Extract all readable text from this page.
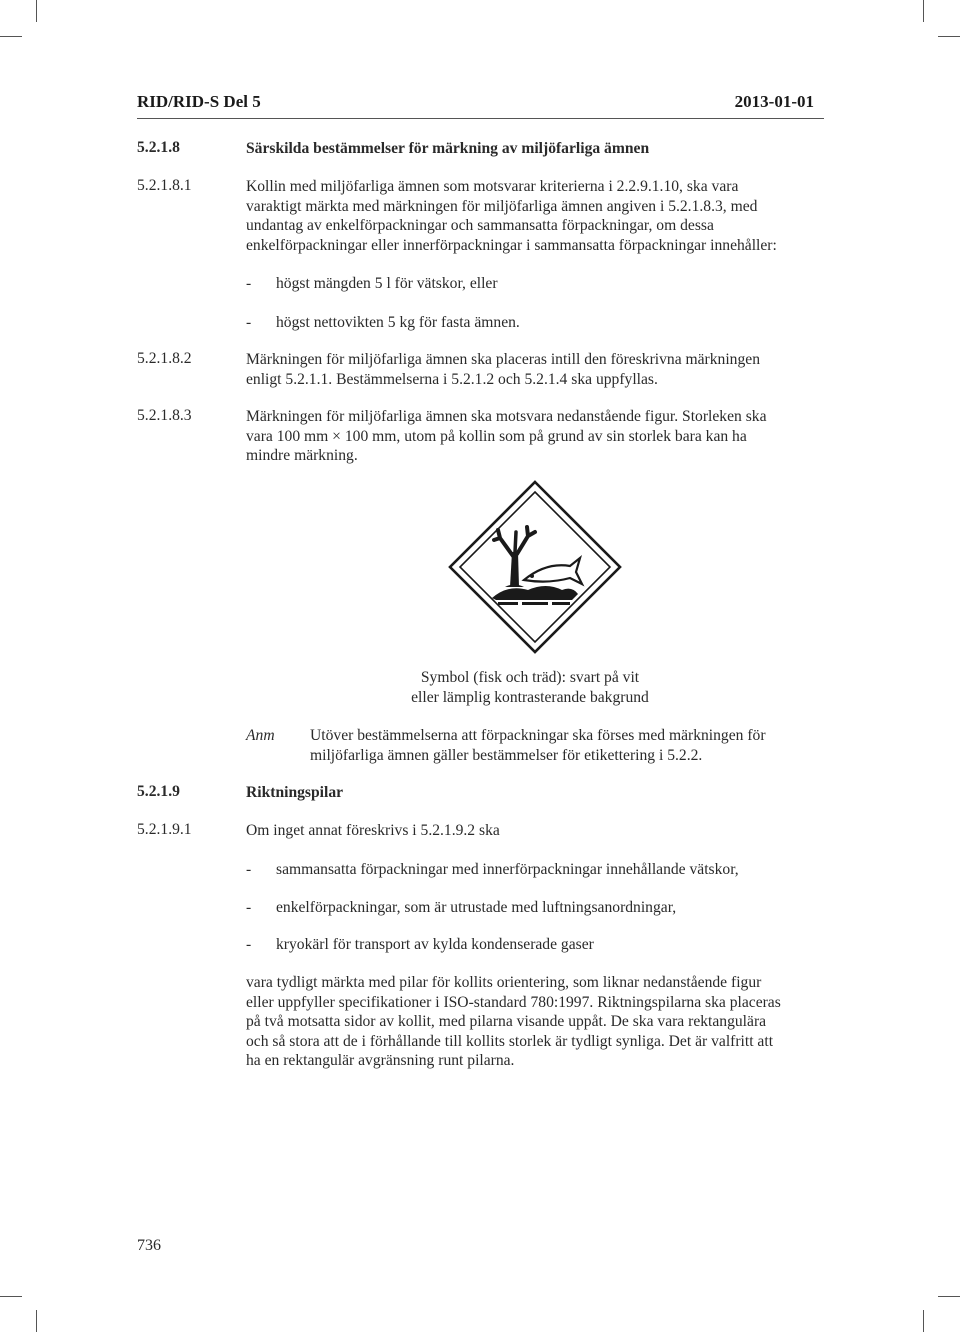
RID/RID-S Del 5	2013-01-01
5.2.1.8	Särskilda bestämmelser för märkning av miljöfarliga ämnen
5.2.1.8.1	Kollin med miljöfarliga ämnen som motsvarar kriterierna i 2.2.9.1.10, ska vara
varaktigt märkta med märkningen för miljöfarliga ämnen angiven i 5.2.1.8.3, med
undantag av enkelförpackningar och sammansatta förpackningar, om dessa
enkelförpackningar eller innerförpackningar i sammansatta förpackningar innehåller:
- högst mängden 5 l för vätskor, eller
- högst nettovikten 5 kg för fasta ämnen.
5.2.1.8.2	Märkningen för miljöfarliga ämnen ska placeras intill den föreskrivna märkningen
enligt 5.2.1.1. Bestämmelserna i 5.2.1.2 och 5.2.1.4 ska uppfyllas.
5.2.1.8.3	Märkningen för miljöfarliga ämnen ska motsvara nedanstående figur. Storleken ska
vara 100 mm × 100 mm, utom på kollin som på grund av sin storlek bara kan ha
mindre märkning.
Symbol (fisk och träd): svart på vit
eller lämplig kontrasterande bakgrund
Anm Utöver bestämmelserna att förpackningar ska förses med märkningen för
miljöfarliga ämnen gäller bestämmelser för etikettering i 5.2.2.
5.2.1.9	Riktningspilar
5.2.1.9.1	Om inget annat föreskrivs i 5.2.1.9.2 ska
- sammansatta förpackningar med innerförpackningar innehållande vätskor,
- enkelförpackningar, som är utrustade med luftningsanordningar,
- kryokärl för transport av kylda kondenserade gaser
vara tydligt märkta med pilar för kollits orientering, som liknar nedanstående figur
eller uppfyller specifikationer i ISO-standard 780:1997. Riktningspilarna ska placeras
på två motsatta sidor av kollit, med pilarna visande uppåt. De ska vara rektangulära
och så stora att de i förhållande till kollits storlek är tydligt synliga. Det är valfritt att
ha en rektangulär avgränsning runt pilarna.
736
